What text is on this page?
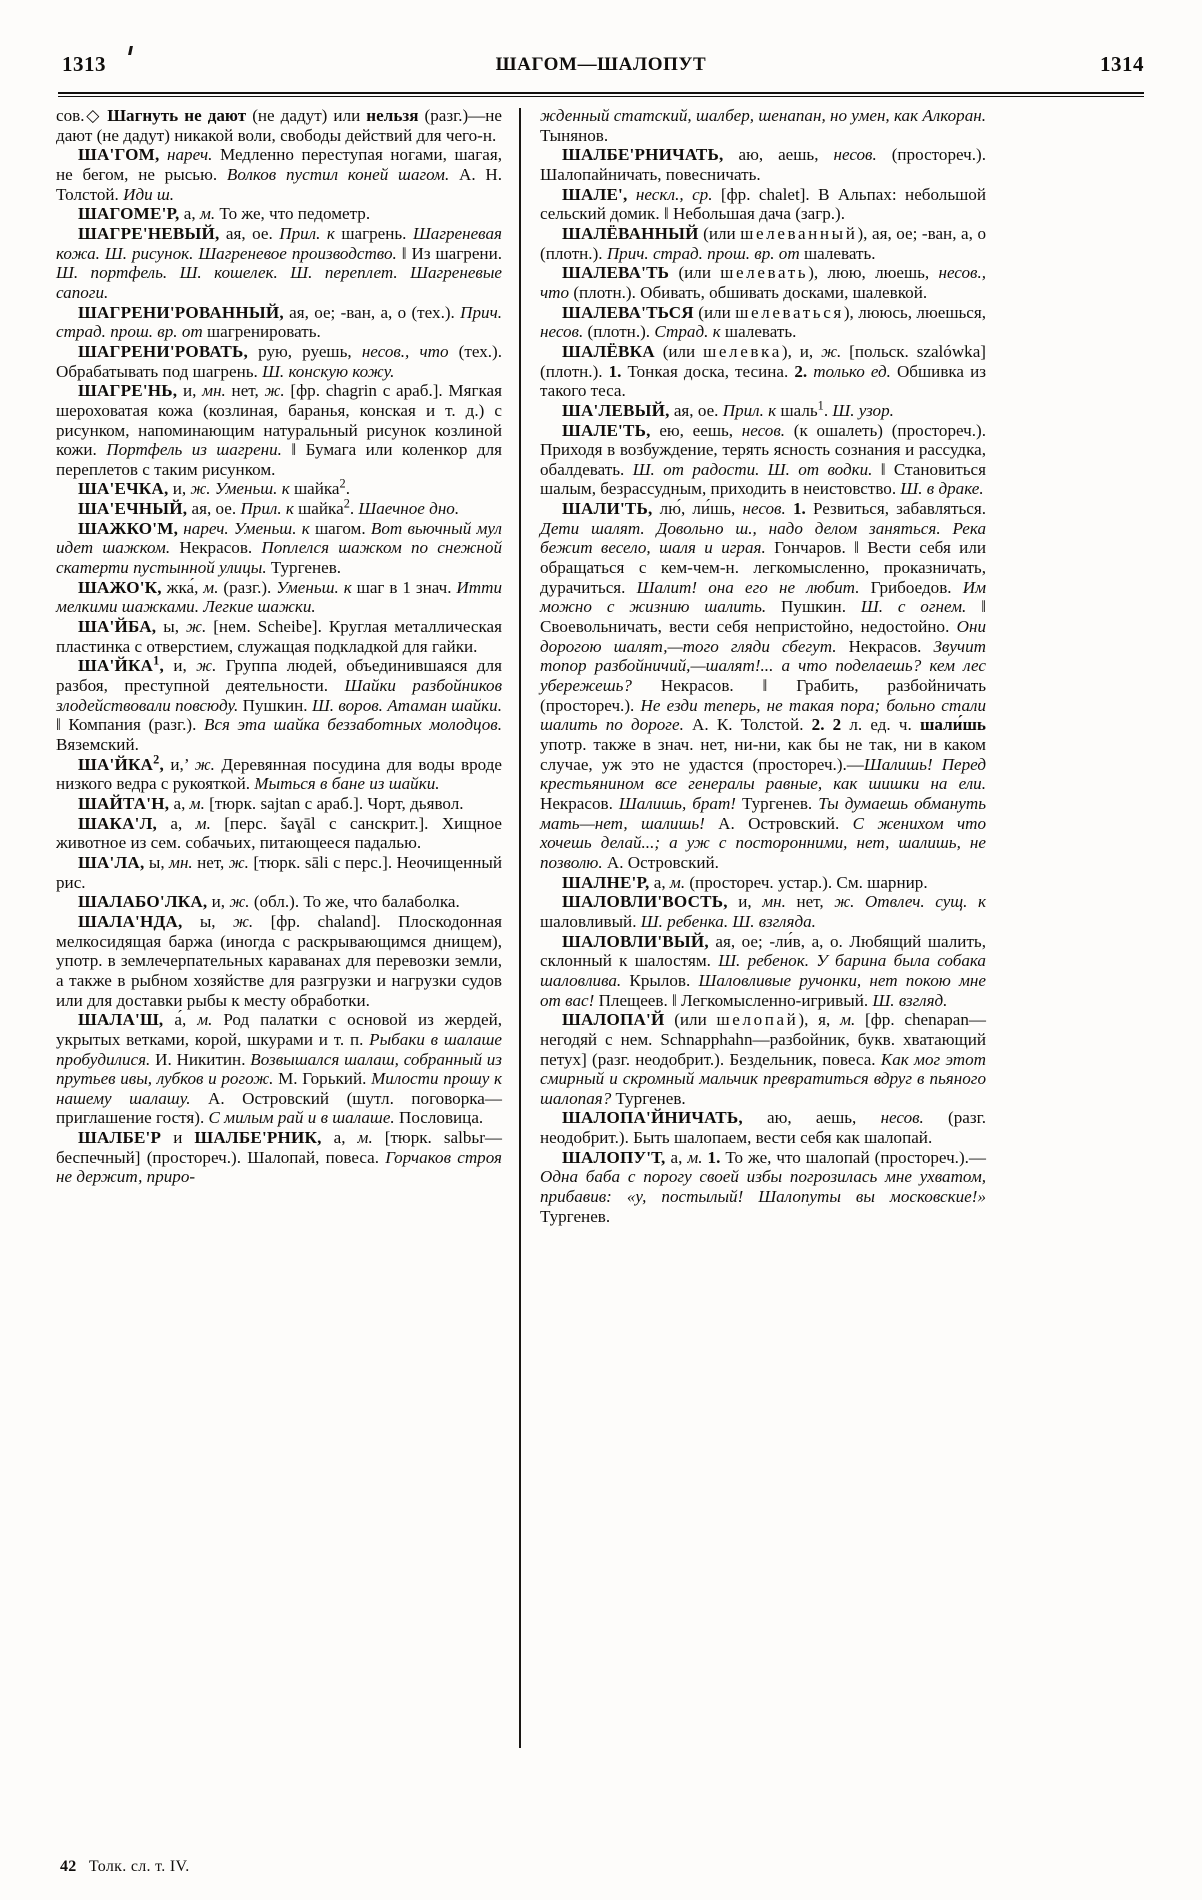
1313	ШАГОМ—ШАЛОПУТ	1314

сов.◇ Шагнуть не дают (не дадут) или нельзя (разг.)—не дают (не дадут) никакой воли, свободы действий для чего-н.

ША'ГОМ, нареч. Медленно переступая ногами, шагая, не бегом, не рысью. Волков пустил коней шагом. А. Н. Толстой. Иди ш.

ШАГОМЕ'Р, а, м. То же, что педометр.

ШАГРЕ'НЕВЫЙ, ая, ое. Прил. к шагрень. Шагреневая кожа. Ш. рисунок. Шагреневое производство. ‖ Из шагрени. Ш. портфель. Ш. кошелек. Ш. переплет. Шагреневые сапоги.

ШАГРЕНИ'РОВАННЫЙ, ая, ое; -ван, а, о (тех.). Прич. страд. прош. вр. от шагренировать.

ШАГРЕНИ'РОВАТЬ, рую, руешь, несов., что (тех.). Обрабатывать под шагрень. Ш. конскую кожу.

ШАГРЕ'НЬ, и, мн. нет, ж. [фр. chagrin с араб.]. Мягкая шероховатая кожа (козлиная, баранья, конская и т. д.) с рисунком, напоминающим натуральный рисунок козлиной кожи. Портфель из шагрени. ‖ Бумага или коленкор для переплетов с таким рисунком.

ША'ЕЧКА, и, ж. Уменьш. к шайка$^2$.

ША'ЕЧНЫЙ, ая, ое. Прил. к шайка$^2$. Шаечное дно.

ШАЖКО'М, нареч. Уменьш. к шагом. Вот вьючный мул идет шажком. Некрасов. Поплелся шажком по снежной скатерти пустынной улицы. Тургенев.

ШАЖО'К, жка́, м. (разг.). Уменьш. к шаг в 1 знач. Итти мелкими шажками. Легкие шажки.

ША'ЙБА, ы, ж. [нем. Scheibe]. Круглая металлическая пластинка с отверстием, служащая подкладкой для гайки.

ША'ЙКА$^1$, и, ж. Группа людей, объединившаяся для разбоя, преступной деятельности. Шайки разбойников злодействовали повсюду. Пушкин. Ш. воров. Атаман шайки. ‖ Компания (разг.). Вся эта шайка беззаботных молодцов. Вяземский.

ША'ЙКА$^2$, и,’ ж. Деревянная посудина для воды вроде низкого ведра с рукояткой. Мыться в бане из шайки.

ШАЙТА'Н, а, м. [тюрк. sajtan с араб.]. Чорт, дьявол.

ШАКА'Л, а, м. [перс. šaɣāl с санскрит.]. Хищное животное из сем. собачьих, питающееся падалью.

ША'ЛА, ы, мн. нет, ж. [тюрк. sāli с перс.]. Неочищенный рис.

ШАЛАБО'ЛКА, и, ж. (обл.). То же, что балаболка.

ШАЛА'НДА, ы, ж. [фр. chaland]. Плоскодонная мелкосидящая баржа (иногда с раскрывающимся днищем), употр. в землечерпательных караванах для перевозки земли, а также в рыбном хозяйстве для разгрузки и нагрузки судов или для доставки рыбы к месту обработки.

ШАЛА'Ш, а́, м. Род палатки с основой из жердей, укрытых ветками, корой, шкурами и т. п. Рыбаки в шалаше пробудилися. И. Никитин. Возвышался шалаш, собранный из прутьев ивы, лубков и рогож. М. Горький. Милости прошу к нашему шалашу. А. Островский (шутл. поговорка—приглашение гостя). С милым рай и в шалаше. Пословица.

ШАЛБЕ'Р и ШАЛБЕ'РНИК, а, м. [тюрк. salbьr—беспечный] (простореч.). Шалопай, повеса. Горчаков строя не держит, приро-

жденный статский, шалбер, шенапан, но умен, как Алкоран. Тынянов.

ШАЛБЕ'РНИЧАТЬ, аю, аешь, несов. (простореч.). Шалопайничать, повесничать.

ШАЛЕ', нескл., ср. [фр. chalet]. В Альпах: небольшой сельский домик. ‖ Небольшая дача (загр.).

ШАЛЁВАННЫЙ (или шелеванный), ая, ое; -ван, а, о (плотн.). Прич. страд. прош. вр. от шалевать.

ШАЛЕВА'ТЬ (или шелевать), люю, люешь, несов., что (плотн.). Обивать, обшивать досками, шалевкой.

ШАЛЕВА'ТЬСЯ (или шелеваться), лююсь, люешься, несов. (плотн.). Страд. к шалевать.

ШАЛЁВКА (или шелевка), и, ж. [польск. szalówka] (плотн.). 1. Тонкая доска, тесина. 2. только ед. Обшивка из такого теса.

ША'ЛЕВЫЙ, ая, ое. Прил. к шаль$^1$. Ш. узор.

ШАЛЕ'ТЬ, ею, еешь, несов. (к ошалеть) (простореч.). Приходя в возбуждение, терять ясность сознания и рассудка, обалдевать. Ш. от радости. Ш. от водки. ‖ Становиться шалым, безрассудным, приходить в неистовство. Ш. в драке.

ШАЛИ'ТЬ, лю́, ли́шь, несов. 1. Резвиться, забавляться. Дети шалят. Довольно ш., надо делом заняться. Река бежит весело, шаля и играя. Гончаров. ‖ Вести себя или обращаться с кем-чем-н. легкомысленно, проказничать, дурачиться. Шалит! она его не любит. Грибоедов. Им можно с жизнию шалить. Пушкин. Ш. с огнем. ‖ Своевольничать, вести себя непристойно, недостойно. Они дорогою шалят,—того гляди сбегут. Некрасов. Звучит топор разбойничий,—шалят!... а что поделаешь? кем лес убережешь? Некрасов. ‖ Грабить, разбойничать (простореч.). Не езди теперь, не такая пора; больно стали шалить по дороге. А. К. Толстой. 2. 2 л. ед. ч. шали́шь употр. также в знач. нет, ни-ни, как бы не так, ни в каком случае, уж это не удастся (простореч.).—Шалишь! Перед крестьянином все генералы равные, как шишки на ели. Некрасов. Шалишь, брат! Тургенев. Ты думаешь обмануть мать—нет, шалишь! А. Островский. С женихом что хочешь делай...; а уж с посторонними, нет, шалишь, не позволю. А. Островский.

ШАЛНЕ'Р, а, м. (простореч. устар.). См. шарнир.

ШАЛОВЛИ'ВОСТЬ, и, мн. нет, ж. Отвлеч. сущ. к шаловливый. Ш. ребенка. Ш. взгляда.

ШАЛОВЛИ'ВЫЙ, ая, ое; -ли́в, а, о. Любящий шалить, склонный к шалостям. Ш. ребенок. У барина была собака шаловлива. Крылов. Шаловливые ручонки, нет покою мне от вас! Плещеев. ‖ Легкомысленно-игривый. Ш. взгляд.

ШАЛОПА'Й (или шелопай), я, м. [фр. chenapan—негодяй с нем. Schnapphahn—разбойник, букв. хватающий петух] (разг. неодобрит.). Бездельник, повеса. Как мог этот смирный и скромный мальчик превратиться вдруг в пьяного шалопая? Тургенев.

ШАЛОПА'ЙНИЧАТЬ, аю, аешь, несов. (разг. неодобрит.). Быть шалопаем, вести себя как шалопай.

ШАЛОПУ'Т, а, м. 1. То же, что шалопай (простореч.).—Одна баба с порогу своей избы погрозилась мне ухватом, прибавив: «у, постылый! Шалопуты вы московские!» Тургенев.

42 Толк. сл. т. IV.
